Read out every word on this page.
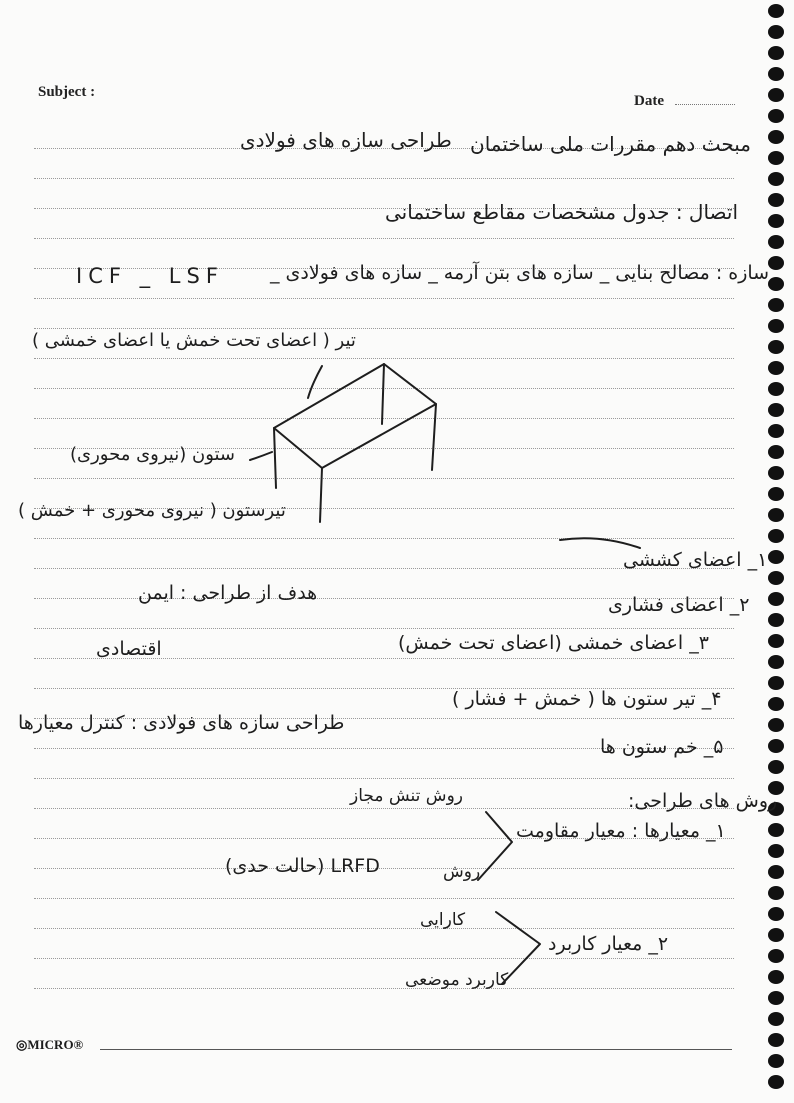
Subject :
Date
مبحث دهم مقررات ملی ساختمان
طراحی سازه های فولادی
اتصال : جدول مشخصات مقاطع ساختمانی
سازه : مصالح بنایی _ سازه های بتن آرمه _ سازه های فولادی _
ICF _ LSF
تیر ( اعضای تحت خمش یا اعضای خمشی )
ستون (نیروی محوری)
تیرستون ( نیروی محوری + خمش )
۱_ اعضای کششی
هدف از طراحی : ایمن
۲_ اعضای فشاری
اقتصادی	۳_ اعضای خمشی (اعضای تحت خمش)
۴_ تیر ستون ها ( خمش + فشار )
طراحی سازه های فولادی : کنترل معیارها
۵_ خم ستون ها
روش تنش مجاز	روش های طراحی:
۱_ معیارها : معیار مقاومت
LRFD (حالت حدی)	روش
کارایی
۲_ معیار کاربرد
کاربرد موضعی
◎MICRO®
